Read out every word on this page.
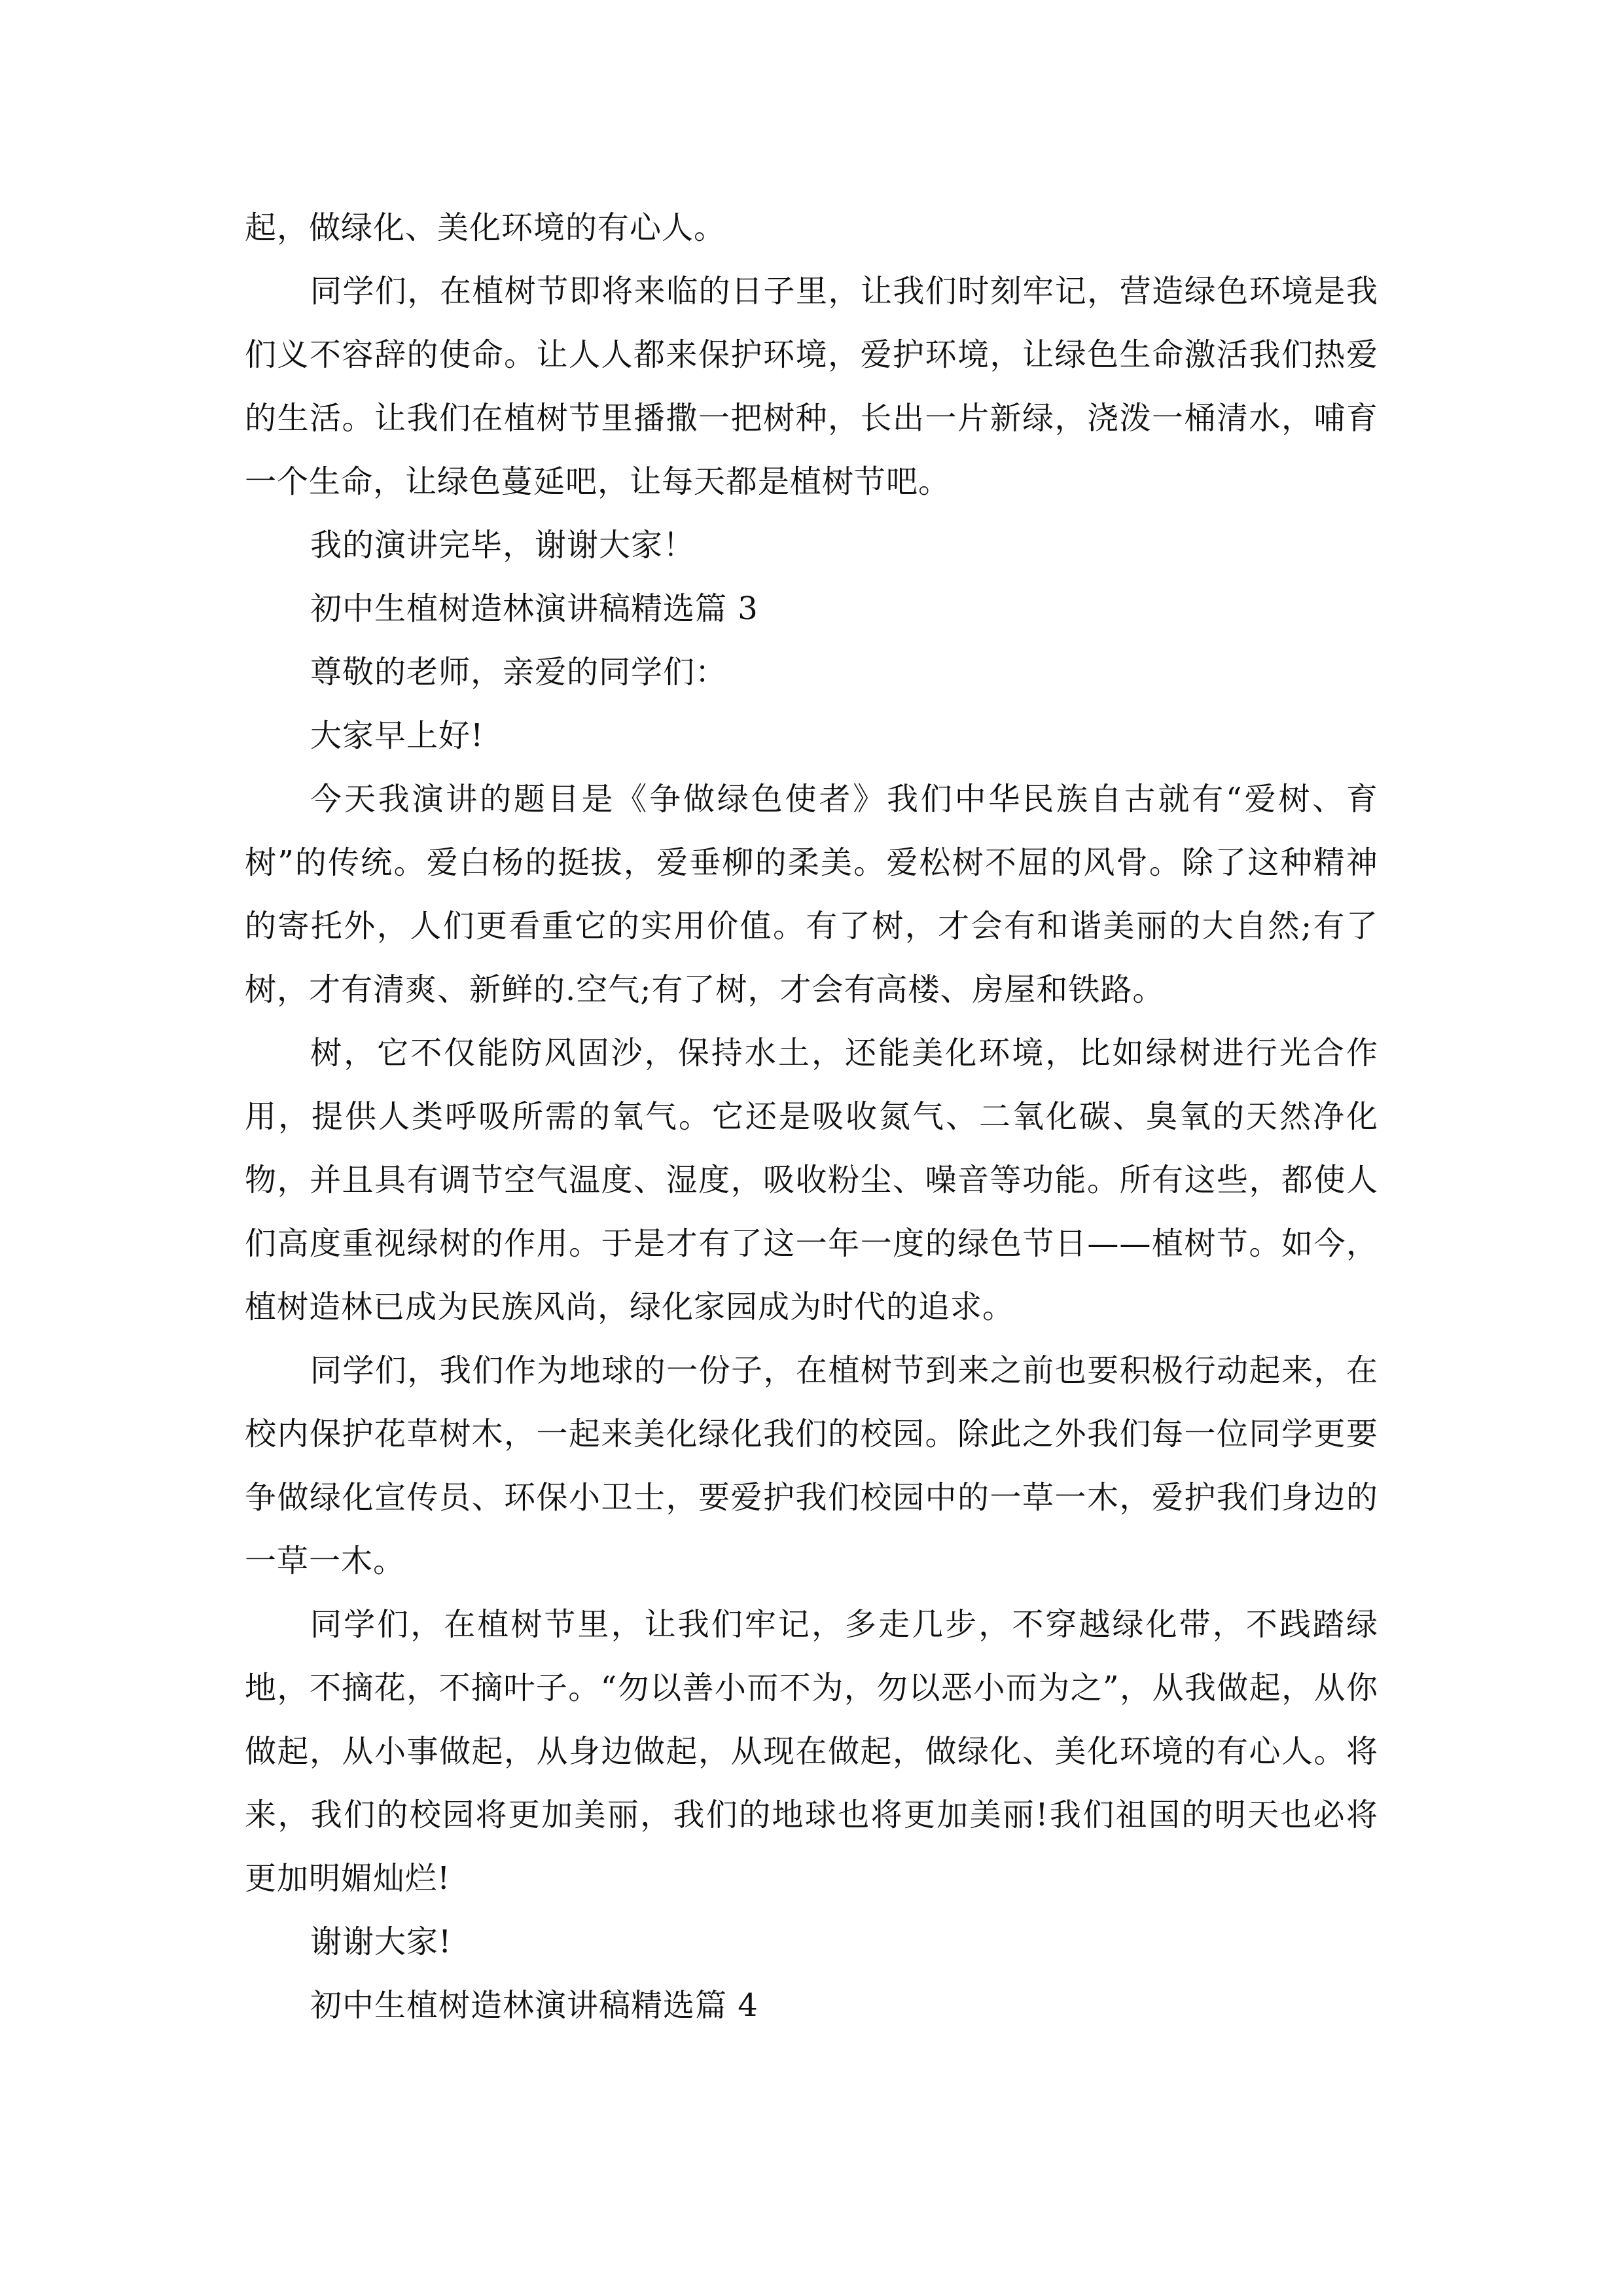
起，做绿化、美化环境的有心人。

同学们，在植树节即将来临的日子里，让我们时刻牢记，营造绿色环境是我们义不容辞的使命。让人人都来保护环境，爱护环境，让绿色生命激活我们热爱的生活。让我们在植树节里播撒一把树种，长出一片新绿，浇泼一桶清水，哺育一个生命，让绿色蔓延吧，让每天都是植树节吧。

我的演讲完毕，谢谢大家！

初中生植树造林演讲稿精选篇 3

尊敬的老师，亲爱的同学们：

大家早上好!

今天我演讲的题目是《争做绿色使者》我们中华民族自古就有“爱树、育树”的传统。爱白杨的挺拔，爱垂柳的柔美。爱松树不屈的风骨。除了这种精神的寄托外，人们更看重它的实用价值。有了树，才会有和谐美丽的大自然;有了树，才有清爽、新鲜的.空气;有了树，才会有高楼、房屋和铁路。

树，它不仅能防风固沙，保持水土，还能美化环境，比如绿树进行光合作用，提供人类呼吸所需的氧气。它还是吸收氮气、二氧化碳、臭氧的天然净化物，并且具有调节空气温度、湿度，吸收粉尘、噪音等功能。所有这些，都使人们高度重视绿树的作用。于是才有了这一年一度的绿色节日——植树节。如今，植树造林已成为民族风尚，绿化家园成为时代的追求。

同学们，我们作为地球的一份子，在植树节到来之前也要积极行动起来，在校内保护花草树木，一起来美化绿化我们的校园。除此之外我们每一位同学更要争做绿化宣传员、环保小卫士，要爱护我们校园中的一草一木，爱护我们身边的一草一木。

同学们，在植树节里，让我们牢记，多走几步，不穿越绿化带，不践踏绿地，不摘花，不摘叶子。“勿以善小而不为，勿以恶小而为之”，从我做起，从你做起，从小事做起，从身边做起，从现在做起，做绿化、美化环境的有心人。将来，我们的校园将更加美丽，我们的地球也将更加美丽!我们祖国的明天也必将更加明媚灿烂!

谢谢大家!

初中生植树造林演讲稿精选篇 4
